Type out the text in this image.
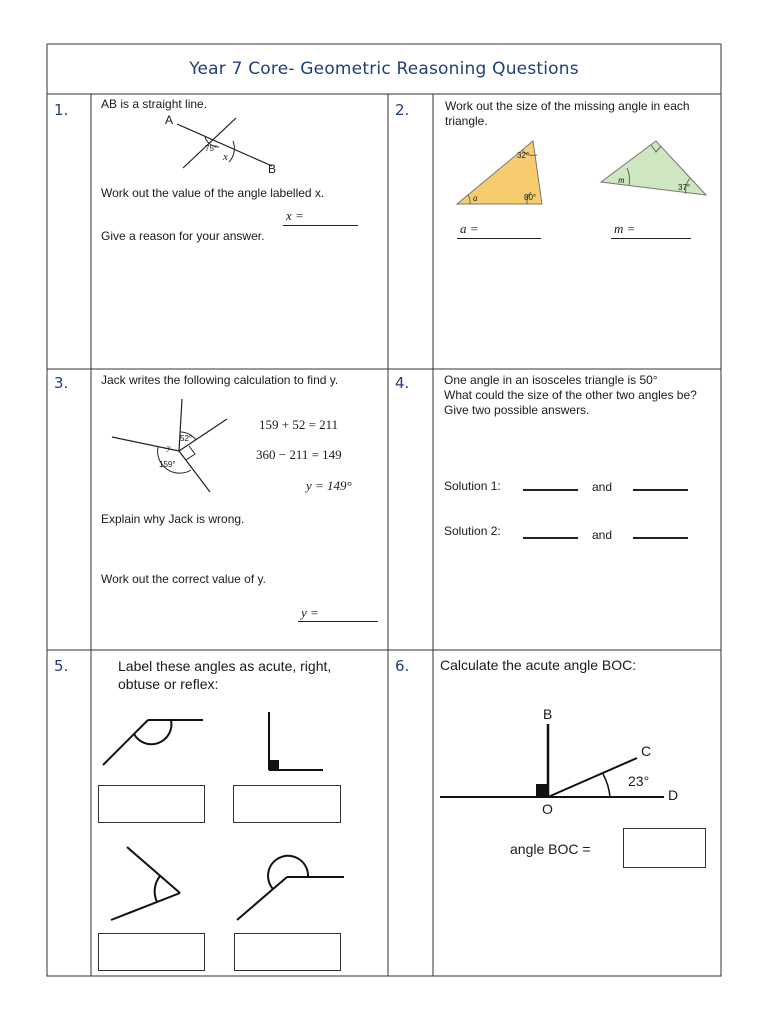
Year 7 Core- Geometric Reasoning Questions
1.	2.
3.	4.
5.	6.
AB is a straight line.
A
B
75°
x
Work out the value of the angle labelled x.
x =
Give a reason for your answer.
Work out the size of the missing angle in each triangle.
32°
a	80°
m
37°
a =	m =
Jack writes the following calculation to find y.
52°
159°
y
159 + 52 = 211
360 − 211 = 149
y = 149°
Explain why Jack is wrong.
Work out the correct value of y.
y =
One angle in an isosceles triangle is 50°
What could the size of the other two angles be?
Give two possible answers.
Solution 1:	and
Solution 2:	and
Label these angles as acute, right,
obtuse or reflex:
Calculate the acute angle BOC:
B
C
23°
D
O
angle BOC =
